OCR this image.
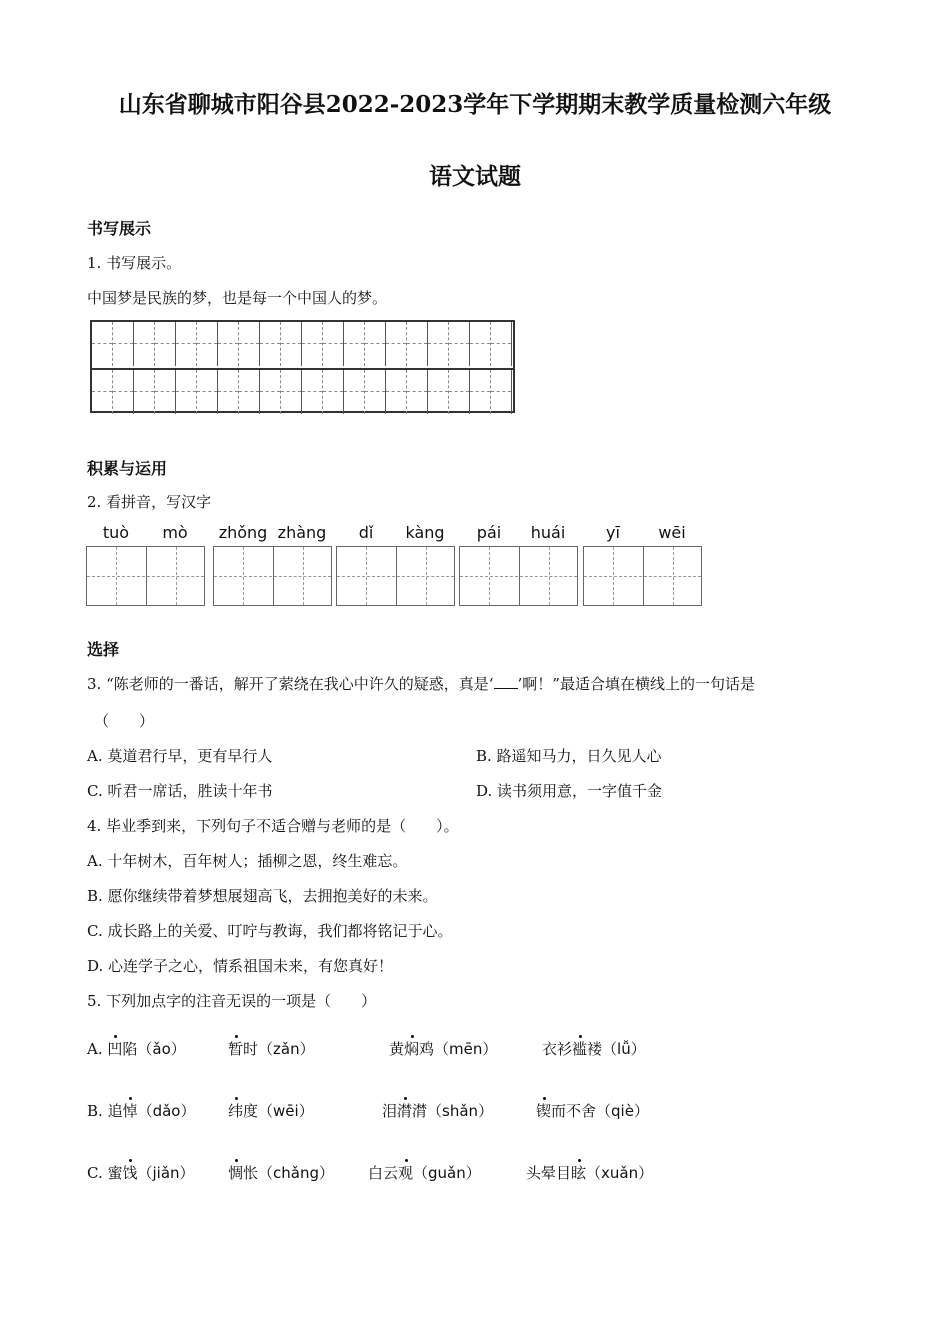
山东省聊城市阳谷县2022-2023学年下学期期末教学质量检测六年级
语文试题
书写展示
1. 书写展示。
中国梦是民族的梦，也是每一个中国人的梦。
积累与运用
2. 看拼音，写汉字
tuò	mò	zhǒng zhàng	dǐ	kàng	pái	huái	yī	wēi
选择
3. “陈老师的一番话，解开了萦绕在我心中许久的疑惑，真是‘ ’啊！”最适合填在横线上的一句话是
（　　）
A. 莫道君行早，更有早行人	B. 路遥知马力，日久见人心
C. 听君一席话，胜读十年书	D. 读书须用意，一字值千金
4. 毕业季到来，下列句子不适合赠与老师的是（　　）。
A. 十年树木，百年树人；插柳之恩，终生难忘。
B. 愿你继续带着梦想展翅高飞，去拥抱美好的未来。
C. 成长路上的关爱、叮咛与教诲，我们都将铭记于心。
D. 心连学子之心，情系祖国未来，有您真好！
5. 下列加点字的注音无误的一项是（　　）
A. 凹陷（ǎo）	暂时（zǎn）	黄焖鸡（mēn）	衣衫褴褛（lǚ）
B. 追悼（dǎo） 纬度（wēi）	泪潸潸（shǎn）	锲而不舍（qiè）
C. 蜜饯（jiǎn） 惆怅（chǎng） 白云观（guǎn）	头晕目眩（xuǎn）
